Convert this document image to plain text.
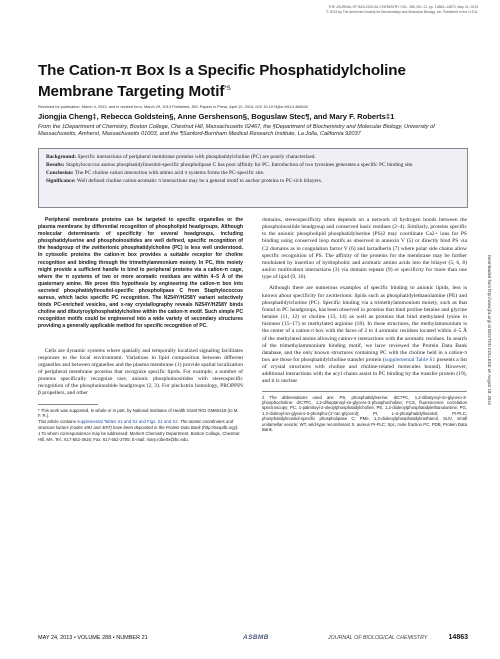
THE JOURNAL OF BIOLOGICAL CHEMISTRY VOL. 288, NO. 21, pp. 14863–14873, May 24, 2013
© 2013 by The American Society for Biochemistry and Molecular Biology, Inc. Published in the U.S.A.
The Cation-π Box Is a Specific Phosphatidylcholine Membrane Targeting Motif$^{*S}$
Received for publication, March 4, 2013, and in revised form, March 29, 2013 Published, JBC Papers in Press, April 10, 2013, DOI 10.1074/jbc.M113.466532
Jiongjia Cheng‡, Rebecca Goldstein§, Anne Gershenson§, Boguslaw Stec¶, and Mary F. Roberts‡1
From the ‡Department of Chemistry, Boston College, Chestnut Hill, Massachusetts 02467, the §Department of Biochemistry and Molecular Biology, University of Massachusetts, Amherst, Massachusetts 01003, and the ¶Sanford-Burnham Medical Research Institute, La Jolla, California 92037

Background: Specific interactions of peripheral membrane proteins with phosphatidylcholine (PC) are poorly characterized.

Results: Staphylococcus aureus phosphatidylinositol-specific phospholipase C has poor affinity for PC. Introduction of two tyrosines generates a specific PC binding site.

Conclusion: The PC choline cation interaction with amino acid π systems forms the PC-specific site.

Significance: Well defined choline cation-aromatic π interactions may be a general motif to anchor proteins to PC-rich bilayers.

Peripheral membrane proteins can be targeted to specific organelles or the plasma membrane by differential recognition of phospholipid headgroups. Although molecular determinants of specificity for several headgroups, including phosphatidylserine and phosphoinositides are well defined, specific recognition of the headgroup of the zwitterionic phosphatidylcholine (PC) is less well understood. In cytosolic proteins the cation-π box provides a suitable receptor for choline recognition and binding through the trimethylammonium moiety. In PC, this moiety might provide a sufficient handle to bind to peripheral proteins via a cation-π cage, where the π systems of two or more aromatic residues are within 4–5 Å of the quaternary amine. We prove this hypothesis by engineering the cation-π box into secreted phosphatidylinositol-specific phospholipase C from Staphylococcus aureus, which lacks specific PC recognition. The N254Y/H258Y variant selectively binds PC-enriched vesicles, and x-ray crystallography reveals N254Y/H258Y binds choline and dibutyroylphosphatidylcholine within the cation-π motif. Such simple PC recognition motifs could be engineered into a wide variety of secondary structures providing a generally applicable method for specific recognition of PC.

Cells are dynamic systems where spatially and temporally localized signaling facilitates responses to the local environment. Variations in lipid composition between different organelles and between organelles and the plasma membrane (1) provide spatial localization of peripheral membrane proteins that recognize specific lipids. For example, a number of proteins specifically recognize rare, anionic phosphoinositides with stereospecific recognition of the phosphoinositide headgroups (2, 3). For pleckstrin homology, PROPPIN β propellers, and other

* This work was supported, in whole or in part, by National Institutes of Health Grant R01 GM60418 (to M. F. R.).

This article contains supplemental Tables S1 and S2 and Figs. S1 and S2. The atomic coordinates and structure factors (codes 4I9J and 4I9T) have been deposited in the Protein Data Bank (http://wwpdb.org/).

1 To whom correspondence may be addressed: Merkert Chemistry Department, Boston College, Chestnut Hill, MA. Tel.: 617-552-3616; Fax: 617-552-2705; E-mail: mary.roberts@bc.edu.

domains, stereospecificity often depends on a network of hydrogen bonds between the phosphoinositide headgroup and conserved basic residues (2–4). Similarly, proteins specific to the anionic phospholipid phosphatidylserine (PS)2 may coordinate Ca2+ ions for PS binding using conserved loop motifs as observed in annexin V (5) or directly bind PS via C2 domains as in coagulation factor V (6) and lactadherin (7) where polar side chains allow specific recognition of PS. The affinity of the proteins for the membrane may be further modulated by insertion of hydrophobic and aromatic amino acids into the bilayer (5, 6, 8) and/or multivalent interactions (3) via domain repeats (9) or specificity for more than one type of lipid (9, 10).

Although there are numerous examples of specific binding to anionic lipids, less is known about specificity for zwitterionic lipids such as phosphatidylethanolamine (PE) and phosphatidylcholine (PC). Specific binding via a trimethylammonium moiety, such as that found in PC headgroups, has been observed in proteins that bind proline betaine and glycine betaine (11, 12) or choline (13, 14) as well as proteins that bind methylated lysine in histones (15–17) or methylated arginine (18). In these structures, the methylammonium is the center of a cation-π box with the faces of 2 to 4 aromatic residues located within 4–5 Å of the methylated amine allowing cation-π interactions with the aromatic residues. In search of the trimethylammonium binding motif, we have reviewed the Protein Data Bank database, and the only known structures containing PC with the choline held in a cation-π box are those for phosphatidylcholine transfer protein (supplemental Table S1 presents a list of crystal structures with choline and choline-related molecules bound). However, additional interactions with the acyl chains assist in PC binding by the transfer protein (19), and it is unclear

2 The abbreviations used are: PS, phosphatidylserine; diC7PC, 1,2-dibutyroyl-sn-glycero-3-phosphocholine; diC7PC, 1,2-diheptanoyl-sn-glycero-3-phosphocholine; FCS, fluorescence correlation spectroscopy; PC, 1-palmitoyl-2-oleoylphosphatidylcholine; PE, 1,2-dioleoylphosphatidylethanolamine; PG, 1,2-dioleoyl-sn-glycero-3-phospho-(1′-rac-glycerol); PI, L-α-phosphatidylinositol; PI-PLC, phosphatidylinositol-specific phospholipase C; PMe, 1,2-dioleoylphosphatidylmethanol; SUV, small unilamellar vesicle; WT, wild-type recombinant S. aureus PI-PLC; Xpc, mole fraction PC; PDB, Protein Data Bank.

Downloaded from http://www.jbc.org/ at BOSTON COLLEGE on August 18, 2016
MAY 24, 2013 • VOLUME 288 • NUMBER 21	ASBMB	JOURNAL OF BIOLOGICAL CHEMISTRY	14863
